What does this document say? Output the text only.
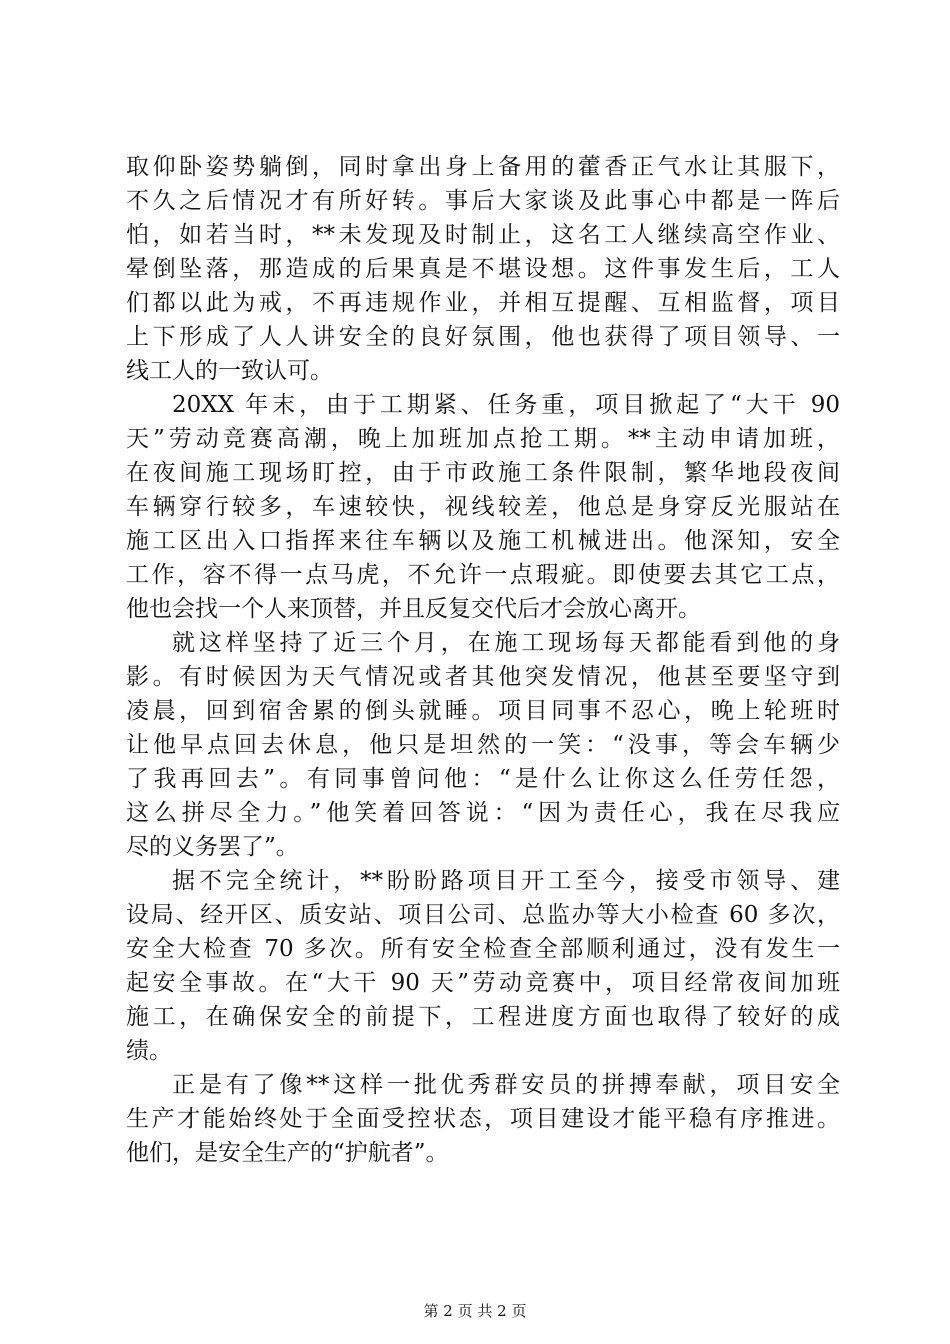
取仰卧姿势躺倒，同时拿出身上备用的藿香正气水让其服下，
不久之后情况才有所好转。事后大家谈及此事心中都是一阵后
怕，如若当时，**未发现及时制止，这名工人继续高空作业、
晕倒坠落，那造成的后果真是不堪设想。这件事发生后，工人
们都以此为戒，不再违规作业，并相互提醒、互相监督，项目
上下形成了人人讲安全的良好氛围，他也获得了项目领导、一
线工人的一致认可。
20XX 年末，由于工期紧、任务重，项目掀起了“大干 90
天”劳动竞赛高潮，晚上加班加点抢工期。**主动申请加班，
在夜间施工现场盯控，由于市政施工条件限制，繁华地段夜间
车辆穿行较多，车速较快，视线较差，他总是身穿反光服站在
施工区出入口指挥来往车辆以及施工机械进出。他深知，安全
工作，容不得一点马虎，不允许一点瑕疵。即使要去其它工点，
他也会找一个人来顶替，并且反复交代后才会放心离开。
就这样坚持了近三个月，在施工现场每天都能看到他的身
影。有时候因为天气情况或者其他突发情况，他甚至要坚守到
凌晨，回到宿舍累的倒头就睡。项目同事不忍心，晚上轮班时
让他早点回去休息，他只是坦然的一笑：“没事，等会车辆少
了我再回去”。有同事曾问他：“是什么让你这么任劳任怨，
这么拼尽全力。”他笑着回答说：“因为责任心，我在尽我应
尽的义务罢了”。
据不完全统计，**盼盼路项目开工至今，接受市领导、建
设局、经开区、质安站、项目公司、总监办等大小检查 60 多次，
安全大检查 70 多次。所有安全检查全部顺利通过，没有发生一
起安全事故。在“大干 90 天”劳动竞赛中，项目经常夜间加班
施工，在确保安全的前提下，工程进度方面也取得了较好的成
绩。
正是有了像**这样一批优秀群安员的拼搏奉献，项目安全
生产才能始终处于全面受控状态，项目建设才能平稳有序推进。
他们，是安全生产的“护航者”。
第 2 页 共 2 页
